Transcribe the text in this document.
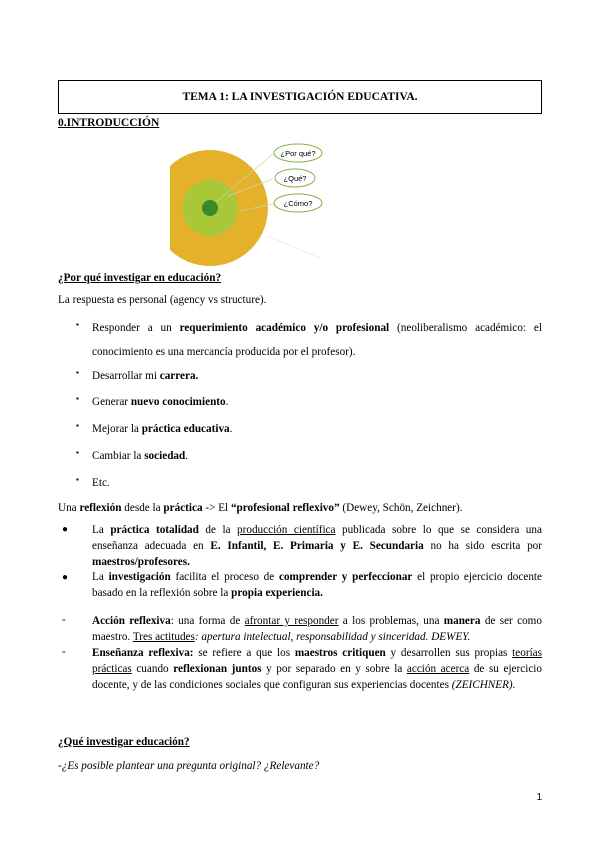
TEMA 1: LA INVESTIGACIÓN EDUCATIVA.
0.INTRODUCCIÓN
¿Por qué?
¿Qué?
¿Cómo?
¿Por qué investigar en educación?
La respuesta es personal (agency vs structure).
▪ Responder a un requerimiento académico y/o profesional (neoliberalismo académico: el conocimiento es una mercancía producida por el profesor).
▪ Desarrollar mi carrera.
▪ Generar nuevo conocimiento.
▪ Mejorar la práctica educativa.
▪ Cambiar la sociedad.
▪ Etc.
Una reflexión desde la práctica -> El “profesional reflexivo” (Dewey, Schön, Zeichner).
● La práctica totalidad de la producción científica publicada sobre lo que se considera una enseñanza adecuada en E. Infantil, E. Primaria y E. Secundaria no ha sido escrita por maestros/profesores.
● La investigación facilita el proceso de comprender y perfeccionar el propio ejercicio docente basado en la reflexión sobre la propia experiencia.
- Acción reflexiva: una forma de afrontar y responder a los problemas, una manera de ser como maestro. Tres actitudes: apertura intelectual, responsabilidad y sinceridad. DEWEY.
- Enseñanza reflexiva: se refiere a que los maestros critiquen y desarrollen sus propias teorías prácticas cuando reflexionan juntos y por separado en y sobre la acción acerca de su ejercicio docente, y de las condiciones sociales que configuran sus experiencias docentes (ZEICHNER).
¿Qué investigar educación?
-¿Es posible plantear una pregunta original? ¿Relevante?
1
